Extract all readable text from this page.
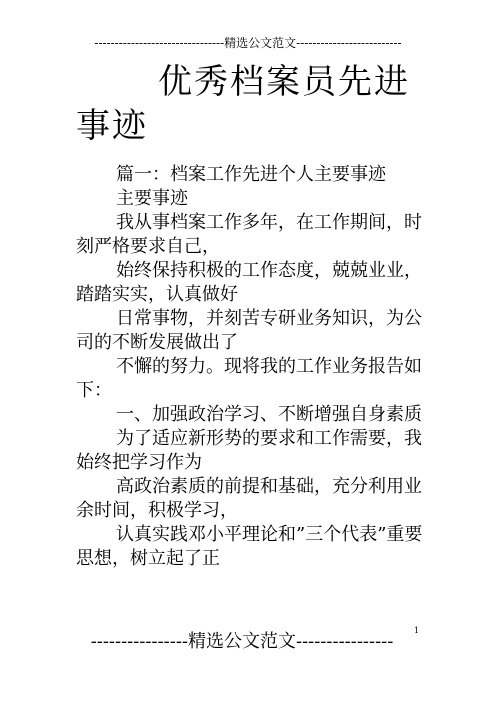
--------------------------------精选公文范文--------------------------
优秀档案员先进事迹

篇一：档案工作先进个人主要事迹

主要事迹

我从事档案工作多年，在工作期间，时刻严格要求自己，

始终保持积极的工作态度，兢兢业业，踏踏实实，认真做好

日常事物，并刻苦专研业务知识，为公司的不断发展做出了

不懈的努力。现将我的工作业务报告如下：

一、加强政治学习、不断增强自身素质

为了适应新形势的要求和工作需要，我始终把学习作为

高政治素质的前提和基础，充分利用业余时间，积极学习，

认真实践邓小平理论和”三个代表”重要思想，树立起了正

----------------精选公文范文----------------
1
